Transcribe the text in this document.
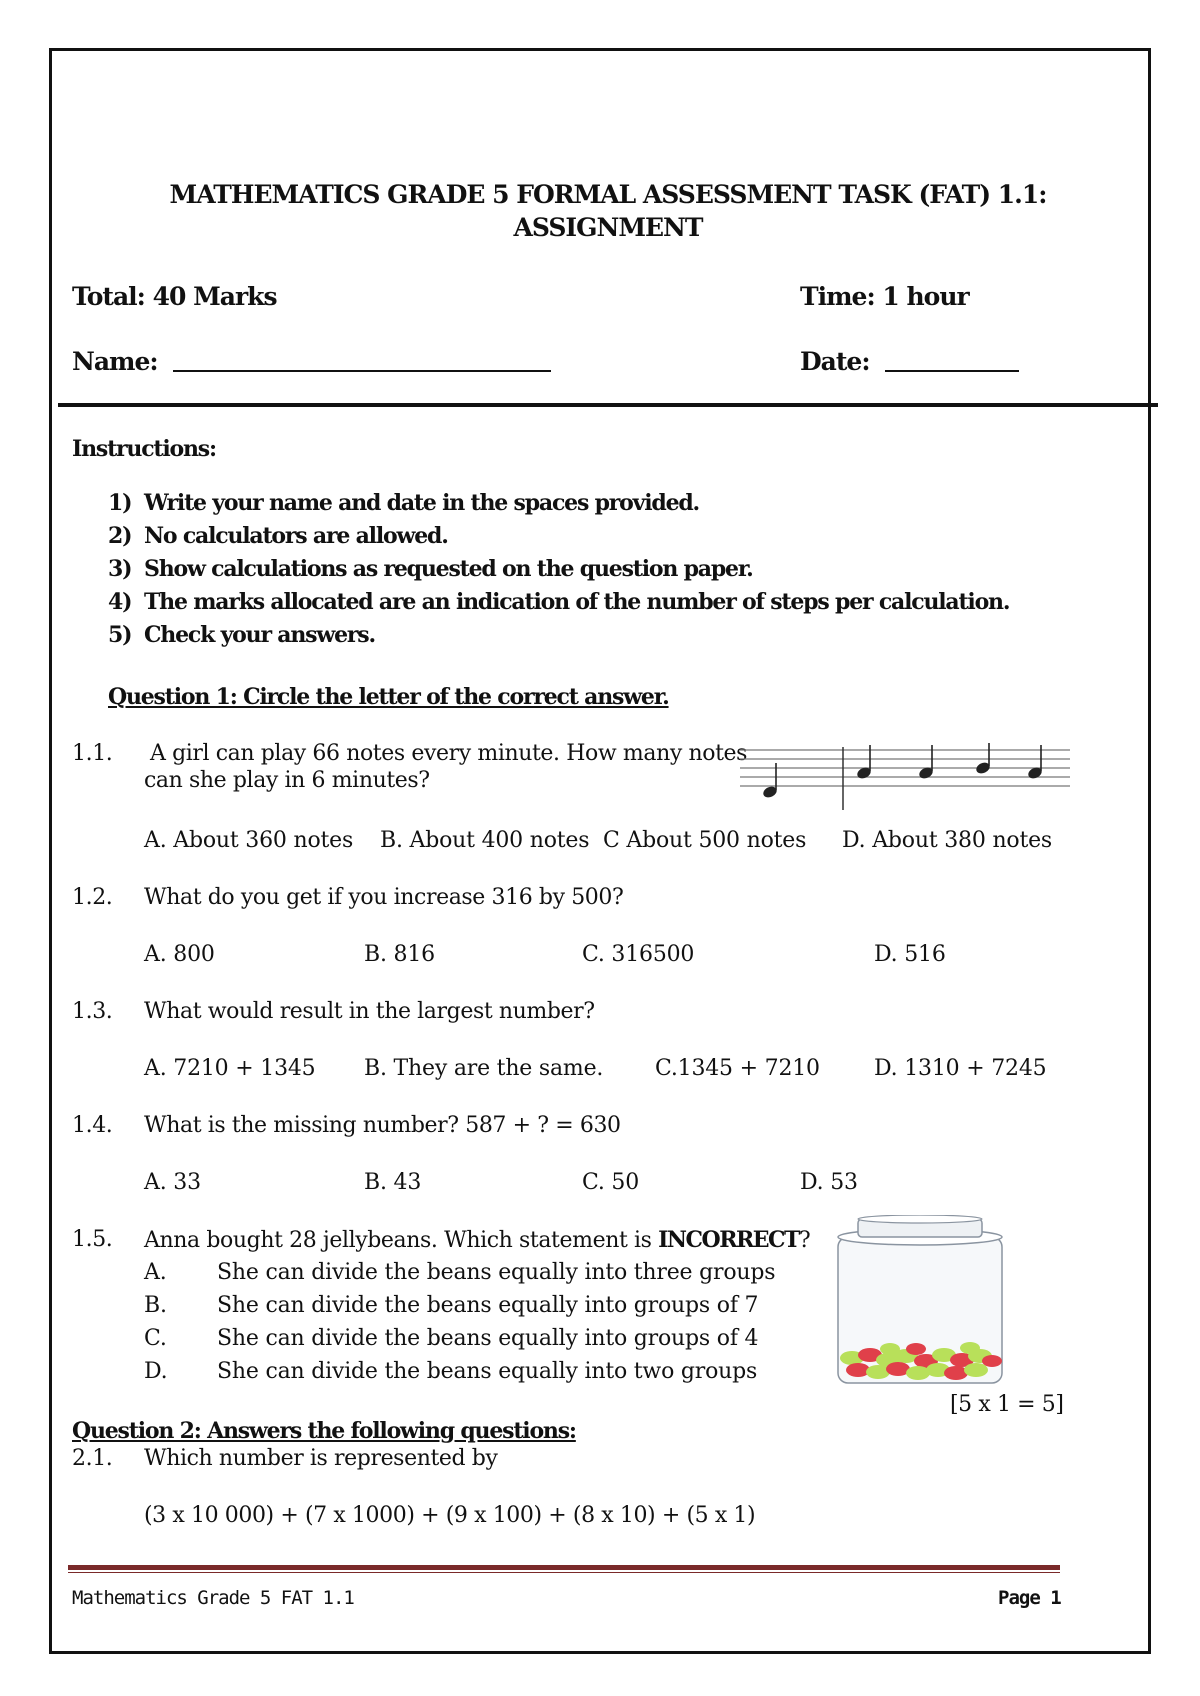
MATHEMATICS GRADE 5 FORMAL ASSESSMENT TASK (FAT) 1.1:
ASSIGNMENT
Total: 40 Marks	Time: 1 hour
Name:	Date:
Instructions:
1) Write your name and date in the spaces provided.
2) No calculators are allowed.
3) Show calculations as requested on the question paper.
4) The marks allocated are an indication of the number of steps per calculation.
5) Check your answers.
Question 1: Circle the letter of the correct answer.
1.1. A girl can play 66 notes every minute. How many notes
can she play in 6 minutes?
A. About 360 notes B. About 400 notes C About 500 notes D. About 380 notes
1.2. What do you get if you increase 316 by 500?
A. 800	B. 816	C. 316500	D. 516
1.3. What would result in the largest number?
A. 7210 + 1345 B. They are the same. C.1345 + 7210 D. 1310 + 7245
1.4. What is the missing number? 587 + ? = 630
A. 33	B. 43	C. 50	D. 53
1.5. Anna bought 28 jellybeans. Which statement is INCORRECT?
A. She can divide the beans equally into three groups
B. She can divide the beans equally into groups of 7
C. She can divide the beans equally into groups of 4
D. She can divide the beans equally into two groups
[5 x 1 = 5]
Question 2: Answers the following questions:
2.1. Which number is represented by
(3 x 10 000) + (7 x 1000) + (9 x 100) + (8 x 10) + (5 x 1)
Mathematics Grade 5 FAT 1.1	Page 1
